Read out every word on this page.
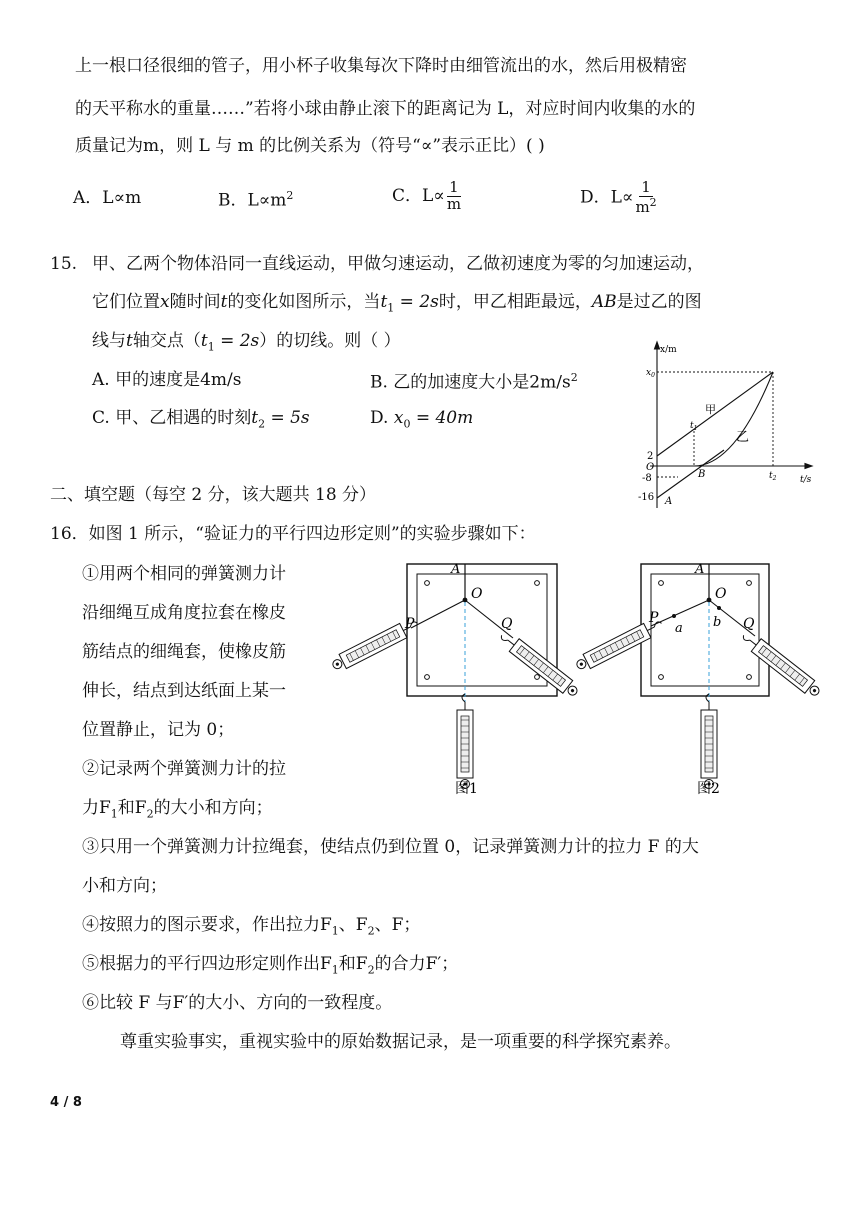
上一根口径很细的管子，用小杯子收集每次下降时由细管流出的水，然后用极精密
的天平称水的重量……”若将小球由静止滚下的距离记为 L，对应时间内收集的水的
质量记为m，则 L 与 m 的比例关系为（符号“∝”表示正比）( )
A．L∝m	B．$L\propto m^2$	C．$L\propto \frac{1}{m}$	D．$L\propto \frac{1}{m^2}$
15. 甲、乙两个物体沿同一直线运动，甲做匀速运动，乙做初速度为零的匀加速运动，
它们位置x随时间t的变化如图所示，当$t_1 = 2s$时，甲乙相距最远，AB是过乙的图
线与t轴交点$(t_1 = 2s)$的切线。则（ ）
A. 甲的速度是4m/s	B. 乙的加速度大小是$2m/s^2$
C. 甲、乙相遇的时刻$t_2 = 5s$	D. $x_0 = 40m$
x/m
t/s
$x_0$
2
O
-8
-16
甲
乙
$t_1$
$t_2$
A
B
二、填空题（每空 2 分，该大题共 18 分）
16．如图 1 所示，“验证力的平行四边形定则”的实验步骤如下：
①用两个相同的弹簧测力计
沿细绳互成角度拉套在橡皮
筋结点的细绳套，使橡皮筋
伸长，结点到达纸面上某一
位置静止，记为 0；
②记录两个弹簧测力计的拉
力$F_1$和$F_2$的大小和方向；
③只用一个弹簧测力计拉绳套，使结点仍到位置 0，记录弹簧测力计的拉力 F 的大
小和方向；
④按照力的图示要求，作出拉力$F_1$、$F_2$、F；
⑤根据力的平行四边形定则作出$F_1$和$F_2$的合力F′；
⑥比较 F 与F′的大小、方向的一致程度。
尊重实验事实，重视实验中的原始数据记录，是一项重要的科学探究素养。
A
O
P	Q
图1
A
O
P
a b Q
图2
4 / 8
